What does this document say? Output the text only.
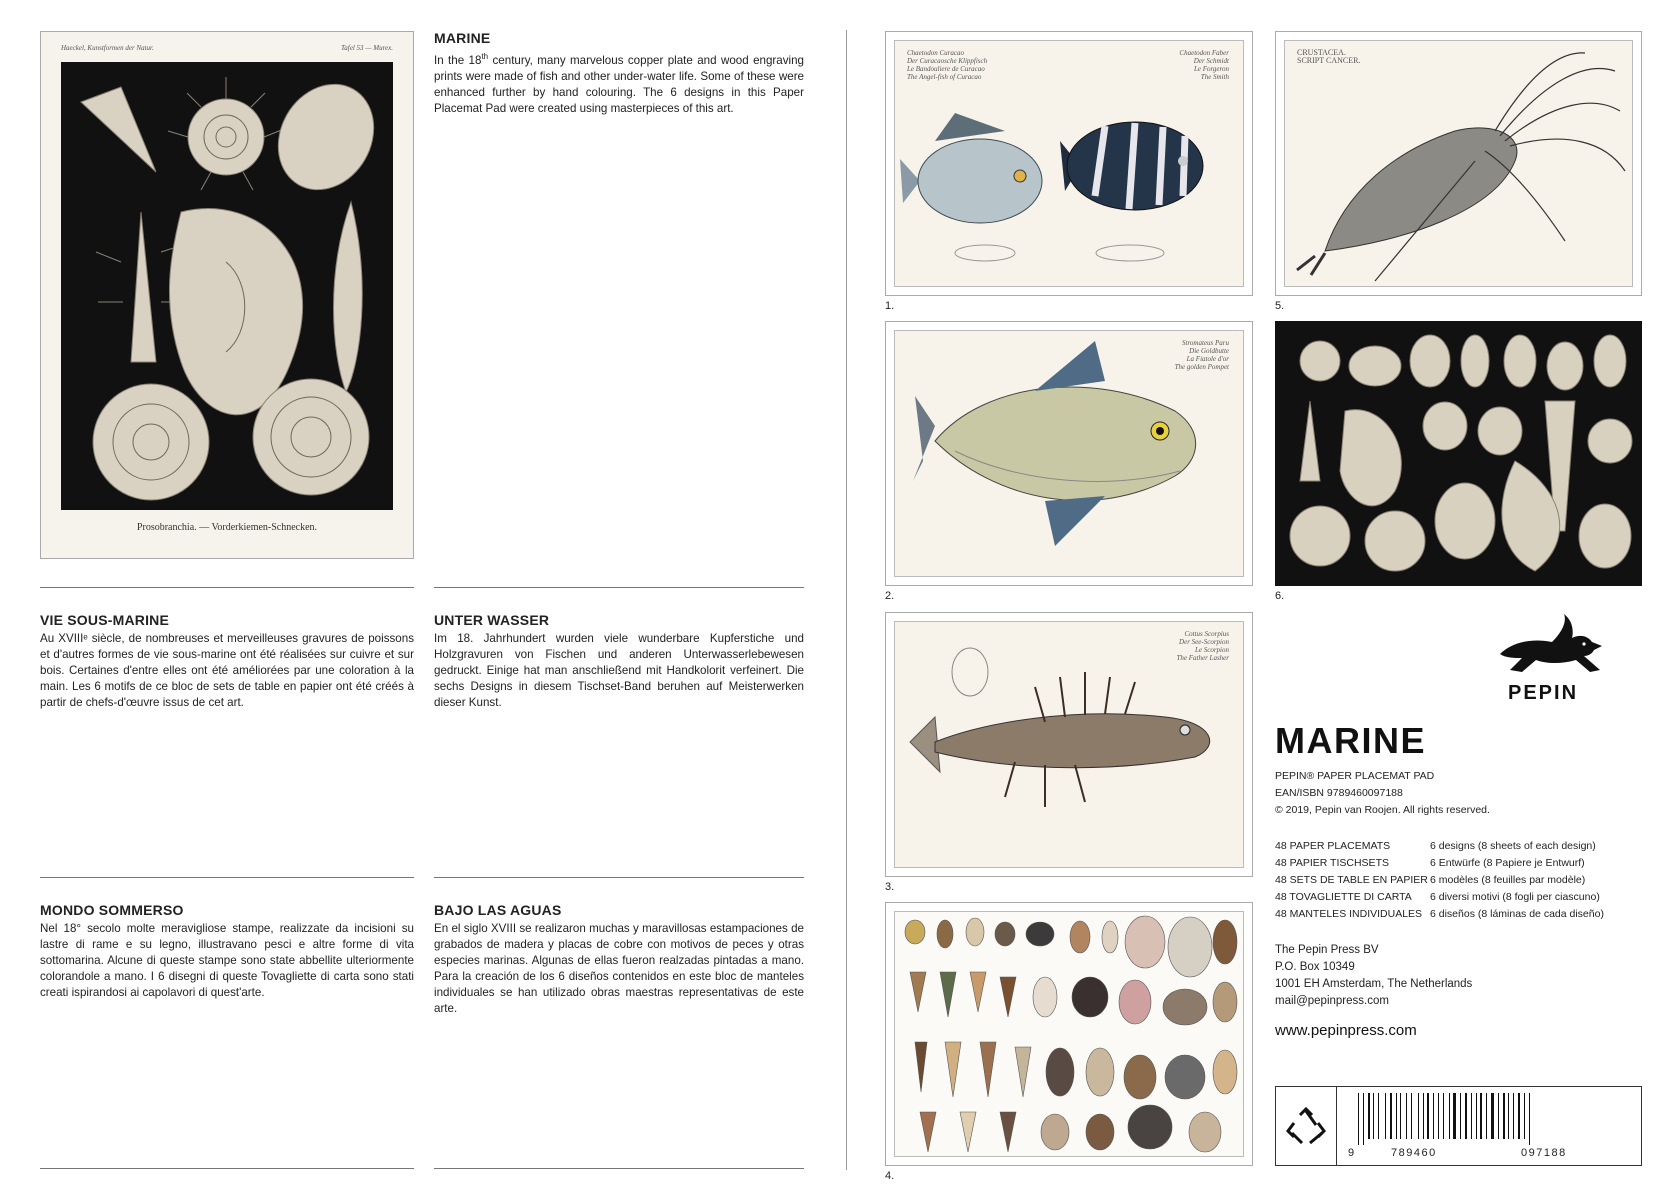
Haeckel, Kunstformen der Natur.	Tafel 53 — Murex.
Prosobranchia. — Vorderkiemen-Schnecken.
MARINE

In the 18th century, many marvelous copper plate and wood engraving prints were made of fish and other under-water life. Some of these were enhanced further by hand colouring. The 6 designs in this Paper Placemat Pad were created using masterpieces of this art.

VIE SOUS-MARINE

Au XVIIIᵉ siècle, de nombreuses et merveilleuses gravures de poissons et d'autres formes de vie sous-marine ont été réalisées sur cuivre et sur bois. Certaines d'entre elles ont été améliorées par une coloration à la main. Les 6 motifs de ce bloc de sets de table en papier ont été créés à partir de chefs-d'œuvre issus de cet art.

UNTER WASSER

Im 18. Jahrhundert wurden viele wunderbare Kupferstiche und Holzgravuren von Fischen und anderen Unterwasserlebewesen gedruckt. Einige hat man anschließend mit Handkolorit verfeinert. Die sechs Designs in diesem Tischset-Band beruhen auf Meisterwerken dieser Kunst.

MONDO SOMMERSO

Nel 18° secolo molte meravigliose stampe, realizzate da incisioni su lastre di rame e su legno, illustravano pesci e altre forme di vita sottomarina. Alcune di queste stampe sono state abbellite ulteriormente colorandole a mano. I 6 disegni di queste Tovagliette di carta sono stati creati ispirandosi ai capolavori di quest'arte.

BAJO LAS AGUAS

En el siglo XVIII se realizaron muchas y maravillosas estampaciones de grabados de madera y placas de cobre con motivos de peces y otras especies marinas. Algunas de ellas fueron realzadas pintadas a mano. Para la creación de los 6 diseños contenidos en este bloc de manteles individuales se han utilizado obras maestras representativas de este arte.

Chaetodon Curacao
Der Curacaosche Klippfisch
Le Bandouliere de Curacao
The Angel-fish of Curacao
Chaetodon Faber
Der Schmidt
Le Forgeron
The Smith
1.
CRUSTACEA.
SCRIPT CANCER.
5.
Stromateus Paru
Die Goldbutte
La Fiatole d'or
The golden Pompet
2.	6.
Cottus Scorpius
Der See-Scorpion
Le Scorpion
The Father Lasher
3.
4.
PEPIN
MARINE
PEPIN® PAPER PLACEMAT PAD
EAN/ISBN 9789460097188
© 2019, Pepin van Roojen. All rights reserved.
48 PAPER PLACEMATS	6 designs (8 sheets of each design)
48 PAPIER TISCHSETS	6 Entwürfe (8 Papiere je Entwurf)
48 SETS DE TABLE EN PAPIER 6 modèles (8 feuilles par modèle)
48 TOVAGLIETTE DI CARTA	6 diversi motivi (8 fogli per ciascuno)
48 MANTELES INDIVIDUALES 6 diseños (8 láminas de cada diseño)
The Pepin Press BV
P.O. Box 10349
1001 EH Amsterdam, The Netherlands
mail@pepinpress.com
www.pepinpress.com
9	789460	097188
